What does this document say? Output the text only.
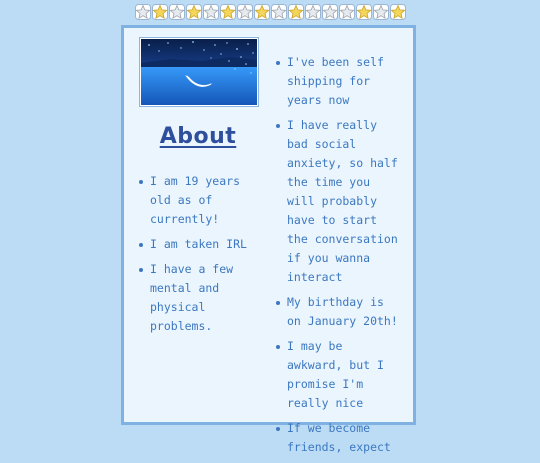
About
I am 19 years old as of currently!
I am taken IRL
I have a few mental and physical problems.
I've been self shipping for years now
I have really bad social anxiety, so half the time you will probably have to start the conversation if you wanna interact
My birthday is on January 20th!
I may be awkward, but I promise I'm really nice
If we become friends, expect
